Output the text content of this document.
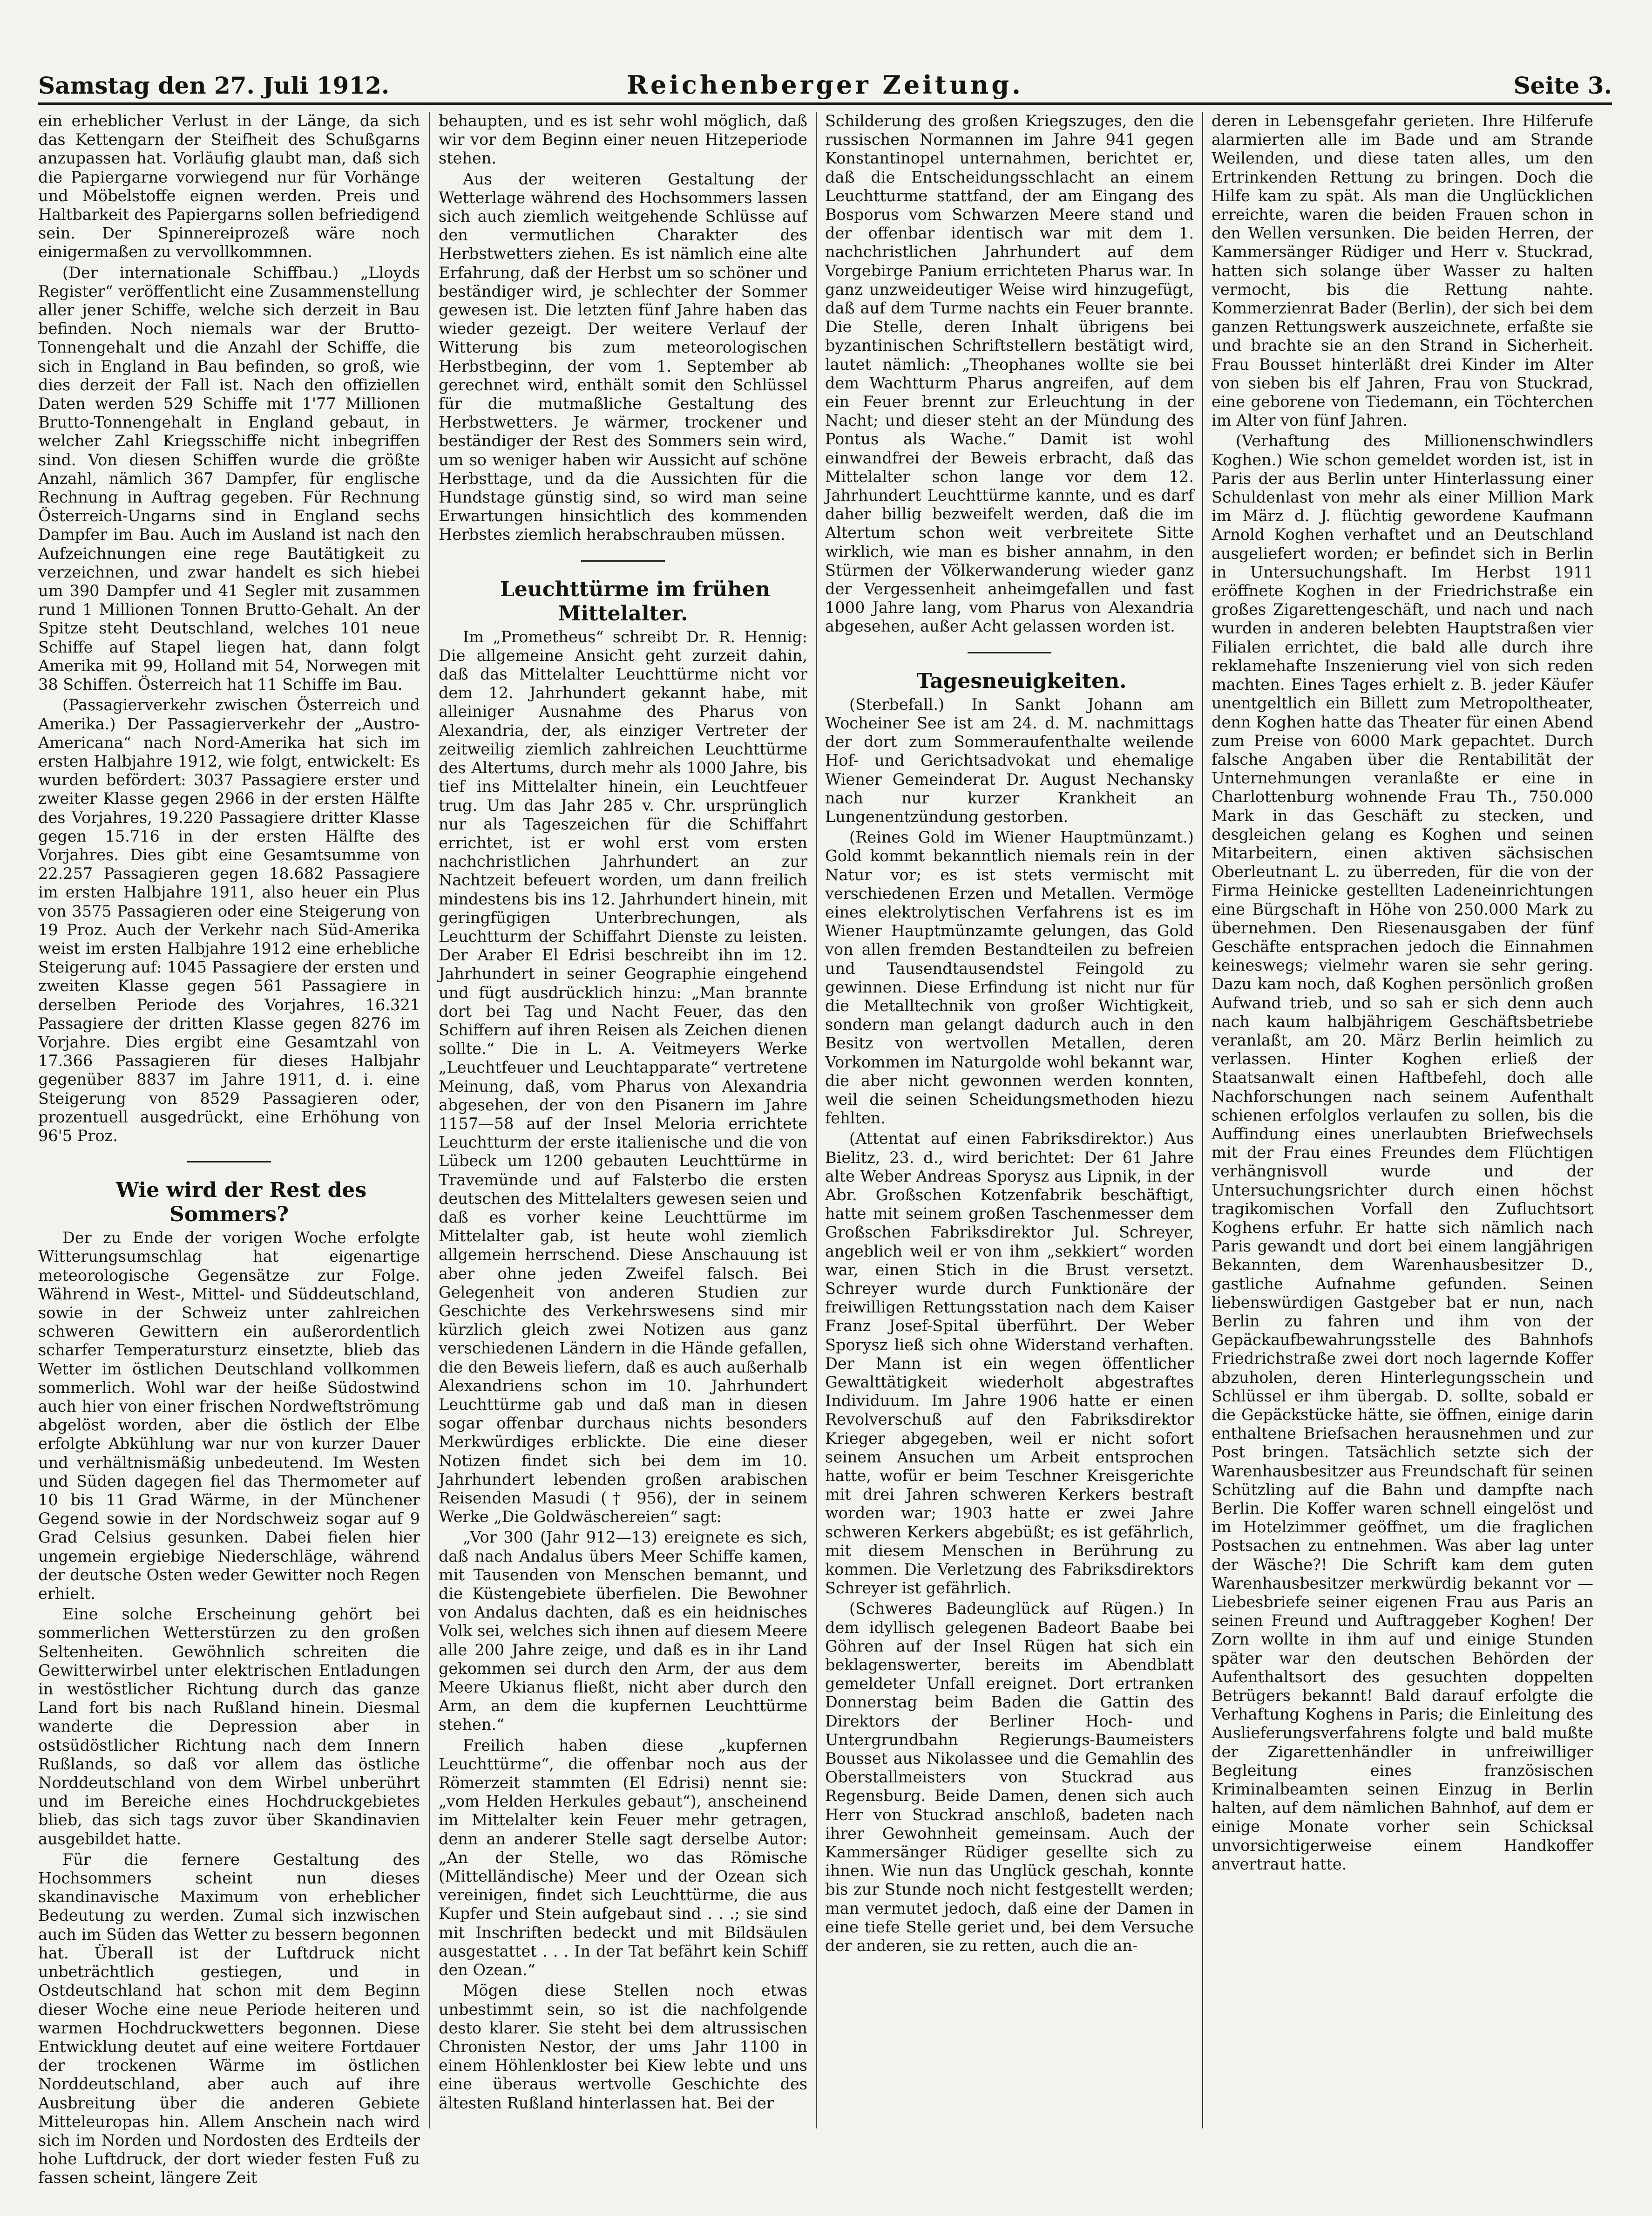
Samstag den 27. Juli 1912.	Reichenberger Zeitung.	Seite 3.

ein erheblicher Verlust in der Länge, da sich das Kettengarn der Steifheit des Schußgarns anzupassen hat. Vorläufig glaubt man, daß sich die Papiergarne vorwiegend nur für Vorhänge und Möbelstoffe eignen werden. Preis und Haltbarkeit des Papiergarns sollen befriedigend sein. Der Spinnereiprozeß wäre noch einigermaßen zu vervollkommnen.

(Der internationale Schiffbau.) „Lloyds Register“ veröffentlicht eine Zusammenstellung aller jener Schiffe, welche sich derzeit in Bau befinden. Noch niemals war der Brutto-Tonnengehalt und die Anzahl der Schiffe, die sich in England in Bau befinden, so groß, wie dies derzeit der Fall ist. Nach den offiziellen Daten werden 529 Schiffe mit 1'77 Millionen Brutto-Tonnengehalt in England gebaut, in welcher Zahl Kriegsschiffe nicht inbegriffen sind. Von diesen Schiffen wurde die größte Anzahl, nämlich 367 Dampfer, für englische Rechnung in Auftrag gegeben. Für Rechnung Österreich-Ungarns sind in England sechs Dampfer im Bau. Auch im Ausland ist nach den Aufzeichnungen eine rege Bautätigkeit zu verzeichnen, und zwar handelt es sich hiebei um 390 Dampfer und 41 Segler mit zusammen rund 1 Millionen Tonnen Brutto-Gehalt. An der Spitze steht Deutschland, welches 101 neue Schiffe auf Stapel liegen hat, dann folgt Amerika mit 99, Holland mit 54, Norwegen mit 38 Schiffen. Österreich hat 11 Schiffe im Bau.

(Passagierverkehr zwischen Österreich und Amerika.) Der Passagierverkehr der „Austro-Americana“ nach Nord-Amerika hat sich im ersten Halbjahre 1912, wie folgt, entwickelt: Es wurden befördert: 3037 Passagiere erster und zweiter Klasse gegen 2966 in der ersten Hälfte des Vorjahres, 19.220 Passagiere dritter Klasse gegen 15.716 in der ersten Hälfte des Vorjahres. Dies gibt eine Gesamtsumme von 22.257 Passagieren gegen 18.682 Passagiere im ersten Halbjahre 1911, also heuer ein Plus von 3575 Passagieren oder eine Steigerung von 19 Proz. Auch der Verkehr nach Süd-Amerika weist im ersten Halbjahre 1912 eine erhebliche Steigerung auf: 1045 Passagiere der ersten und zweiten Klasse gegen 561 Passagiere in derselben Periode des Vorjahres, 16.321 Passagiere der dritten Klasse gegen 8276 im Vorjahre. Dies ergibt eine Gesamtzahl von 17.366 Passagieren für dieses Halbjahr gegenüber 8837 im Jahre 1911, d. i. eine Steigerung von 8529 Passagieren oder, prozentuell ausgedrückt, eine Erhöhung von 96'5 Proz.

Wie wird der Rest des Sommers?

Der zu Ende der vorigen Woche erfolgte Witterungsumschlag hat eigenartige meteorologische Gegensätze zur Folge. Während in West-, Mittel- und Süddeutschland, sowie in der Schweiz unter zahlreichen schweren Gewittern ein außerordentlich scharfer Temperatursturz einsetzte, blieb das Wetter im östlichen Deutschland vollkommen sommerlich. Wohl war der heiße Südostwind auch hier von einer frischen Nordweftströmung abgelöst worden, aber die östlich der Elbe erfolgte Abkühlung war nur von kurzer Dauer und verhältnismäßig unbedeutend. Im Westen und Süden dagegen fiel das Thermometer auf 10 bis 11 Grad Wärme, in der Münchener Gegend sowie in der Nordschweiz sogar auf 9 Grad Celsius gesunken. Dabei fielen hier ungemein ergiebige Niederschläge, während der deutsche Osten weder Gewitter noch Regen erhielt.

Eine solche Erscheinung gehört bei sommerlichen Wetterstürzen zu den großen Seltenheiten. Gewöhnlich schreiten die Gewitterwirbel unter elektrischen Entladungen in westöstlicher Richtung durch das ganze Land fort bis nach Rußland hinein. Diesmal wanderte die Depression aber in ostsüdöstlicher Richtung nach dem Innern Rußlands, so daß vor allem das östliche Norddeutschland von dem Wirbel unberührt und im Bereiche eines Hochdruckgebietes blieb, das sich tags zuvor über Skandinavien ausgebildet hatte.

Für die fernere Gestaltung des Hochsommers scheint nun dieses skandinavische Maximum von erheblicher Bedeutung zu werden. Zumal sich inzwischen auch im Süden das Wetter zu bessern begonnen hat. Überall ist der Luftdruck nicht unbeträchtlich gestiegen, und in Ostdeutschland hat schon mit dem Beginn dieser Woche eine neue Periode heiteren und warmen Hochdruckwetters begonnen. Diese Entwicklung deutet auf eine weitere Fortdauer der trockenen Wärme im östlichen Norddeutschland, aber auch auf ihre Ausbreitung über die anderen Gebiete Mitteleuropas hin. Allem Anschein nach wird sich im Norden und Nordosten des Erdteils der hohe Luftdruck, der dort wieder festen Fuß zu fassen scheint, längere Zeit

behaupten, und es ist sehr wohl möglich, daß wir vor dem Beginn einer neuen Hitzeperiode stehen.

Aus der weiteren Gestaltung der Wetterlage während des Hochsommers lassen sich auch ziemlich weitgehende Schlüsse auf den vermutlichen Charakter des Herbstwetters ziehen. Es ist nämlich eine alte Erfahrung, daß der Herbst um so schöner und beständiger wird, je schlechter der Sommer gewesen ist. Die letzten fünf Jahre haben das wieder gezeigt. Der weitere Verlauf der Witterung bis zum meteorologischen Herbstbeginn, der vom 1. September ab gerechnet wird, enthält somit den Schlüssel für die mutmaßliche Gestaltung des Herbstwetters. Je wärmer, trockener und beständiger der Rest des Sommers sein wird, um so weniger haben wir Aussicht auf schöne Herbsttage, und da die Aussichten für die Hundstage günstig sind, so wird man seine Erwartungen hinsichtlich des kommenden Herbstes ziemlich herabschrauben müssen.

Leuchttürme im frühen Mittelalter.

Im „Prometheus“ schreibt Dr. R. Hennig: Die allgemeine Ansicht geht zurzeit dahin, daß das Mittelalter Leuchttürme nicht vor dem 12. Jahrhundert gekannt habe, mit alleiniger Ausnahme des Pharus von Alexandria, der, als einziger Vertreter der zeitweilig ziemlich zahlreichen Leuchttürme des Altertums, durch mehr als 1000 Jahre, bis tief ins Mittelalter hinein, ein Leuchtfeuer trug. Um das Jahr 285 v. Chr. ursprünglich nur als Tageszeichen für die Schiffahrt errichtet, ist er wohl erst vom ersten nachchristlichen Jahrhundert an zur Nachtzeit befeuert worden, um dann freilich mindestens bis ins 12. Jahrhundert hinein, mit geringfügigen Unterbrechungen, als Leuchtturm der Schiffahrt Dienste zu leisten. Der Araber El Edrisi beschreibt ihn im 12. Jahrhundert in seiner Geographie eingehend und fügt ausdrücklich hinzu: „Man brannte dort bei Tag und Nacht Feuer, das den Schiffern auf ihren Reisen als Zeichen dienen sollte.“ Die in L. A. Veitmeyers Werke „Leuchtfeuer und Leuchtapparate“ vertretene Meinung, daß, vom Pharus von Alexandria abgesehen, der von den Pisanern im Jahre 1157—58 auf der Insel Meloria errichtete Leuchtturm der erste italienische und die von Lübeck um 1200 gebauten Leuchttürme in Travemünde und auf Falsterbo die ersten deutschen des Mittelalters gewesen seien und daß es vorher keine Leuchttürme im Mittelalter gab, ist heute wohl ziemlich allgemein herrschend. Diese Anschauung ist aber ohne jeden Zweifel falsch. Bei Gelegenheit von anderen Studien zur Geschichte des Verkehrswesens sind mir kürzlich gleich zwei Notizen aus ganz verschiedenen Ländern in die Hände gefallen, die den Beweis liefern, daß es auch außerhalb Alexandriens schon im 10. Jahrhundert Leuchttürme gab und daß man in diesen sogar offenbar durchaus nichts besonders Merkwürdiges erblickte. Die eine dieser Notizen findet sich bei dem im 10. Jahrhundert lebenden großen arabischen Reisenden Masudi († 956), der in seinem Werke „Die Goldwäschereien“ sagt:

„Vor 300 (Jahr 912—13) ereignete es sich, daß nach Andalus übers Meer Schiffe kamen, mit Tausenden von Menschen bemannt, und die Küstengebiete überfielen. Die Bewohner von Andalus dachten, daß es ein heidnisches Volk sei, welches sich ihnen auf diesem Meere alle 200 Jahre zeige, und daß es in ihr Land gekommen sei durch den Arm, der aus dem Meere Ukianus fließt, nicht aber durch den Arm, an dem die kupfernen Leuchttürme stehen.“

Freilich haben diese „kupfernen Leuchttürme“, die offenbar noch aus der Römerzeit stammten (El Edrisi) nennt sie: „vom Helden Herkules gebaut“), anscheinend im Mittelalter kein Feuer mehr getragen, denn an anderer Stelle sagt derselbe Autor: „An der Stelle, wo das Römische (Mittelländische) Meer und der Ozean sich vereinigen, findet sich Leuchttürme, die aus Kupfer und Stein aufgebaut sind . . .; sie sind mit Inschriften bedeckt und mit Bildsäulen ausgestattet . . . In der Tat befährt kein Schiff den Ozean.“

Mögen diese Stellen noch etwas unbestimmt sein, so ist die nachfolgende desto klarer. Sie steht bei dem altrussischen Chronisten Nestor, der ums Jahr 1100 in einem Höhlenkloster bei Kiew lebte und uns eine überaus wertvolle Geschichte des ältesten Rußland hinterlassen hat. Bei der

Schilderung des großen Kriegszuges, den die russischen Normannen im Jahre 941 gegen Konstantinopel unternahmen, berichtet er, daß die Entscheidungsschlacht an einem Leuchtturme stattfand, der am Eingang des Bosporus vom Schwarzen Meere stand und der offenbar identisch war mit dem 1. nachchristlichen Jahrhundert auf dem Vorgebirge Panium errichteten Pharus war. In ganz unzweideutiger Weise wird hinzugefügt, daß auf dem Turme nachts ein Feuer brannte. Die Stelle, deren Inhalt übrigens bei byzantinischen Schriftstellern bestätigt wird, lautet nämlich: „Theophanes wollte sie bei dem Wachtturm Pharus angreifen, auf dem ein Feuer brennt zur Erleuchtung in der Nacht; und dieser steht an der Mündung des Pontus als Wache.“ Damit ist wohl einwandfrei der Beweis erbracht, daß das Mittelalter schon lange vor dem 12. Jahrhundert Leuchttürme kannte, und es darf daher billig bezweifelt werden, daß die im Altertum schon weit verbreitete Sitte wirklich, wie man es bisher annahm, in den Stürmen der Völkerwanderung wieder ganz der Vergessenheit anheimgefallen und fast 1000 Jahre lang, vom Pharus von Alexandria abgesehen, außer Acht gelassen worden ist.

Tagesneuigkeiten.

(Sterbefall.) In Sankt Johann am Wocheiner See ist am 24. d. M. nachmittags der dort zum Sommeraufenthalte weilende Hof- und Gerichtsadvokat und ehemalige Wiener Gemeinderat Dr. August Nechansky nach nur kurzer Krankheit an Lungenentzündung gestorben.

(Reines Gold im Wiener Hauptmünzamt.) Gold kommt bekanntlich niemals rein in der Natur vor; es ist stets vermischt mit verschiedenen Erzen und Metallen. Vermöge eines elektrolytischen Verfahrens ist es im Wiener Hauptmünzamte gelungen, das Gold von allen fremden Bestandteilen zu befreien und Tausendtausendstel Feingold zu gewinnen. Diese Erfindung ist nicht nur für die Metalltechnik von großer Wichtigkeit, sondern man gelangt dadurch auch in den Besitz von wertvollen Metallen, deren Vorkommen im Naturgolde wohl bekannt war, die aber nicht gewonnen werden konnten, weil die seinen Scheidungsmethoden hiezu fehlten.

(Attentat auf einen Fabriksdirektor.) Aus Bielitz, 23. d., wird berichtet: Der 61 Jahre alte Weber Andreas Sporysz aus Lipnik, in der Abr. Großschen Kotzenfabrik beschäftigt, hatte mit seinem großen Taschenmesser dem Großschen Fabriksdirektor Jul. Schreyer, angeblich weil er von ihm „sekkiert“ worden war, einen Stich in die Brust versetzt. Schreyer wurde durch Funktionäre der freiwilligen Rettungsstation nach dem Kaiser Franz Josef-Spital überführt. Der Weber Sporysz ließ sich ohne Widerstand verhaften. Der Mann ist ein wegen öffentlicher Gewalttätigkeit wiederholt abgestraftes Individuum. Im Jahre 1906 hatte er einen Revolverschuß auf den Fabriksdirektor Krieger abgegeben, weil er nicht sofort seinem Ansuchen um Arbeit entsprochen hatte, wofür er beim Teschner Kreisgerichte mit drei Jahren schweren Kerkers bestraft worden war; 1903 hatte er zwei Jahre schweren Kerkers abgebüßt; es ist gefährlich, mit diesem Menschen in Berührung zu kommen. Die Verletzung des Fabriksdirektors Schreyer ist gefährlich.

(Schweres Badeunglück auf Rügen.) In dem idyllisch gelegenen Badeort Baabe bei Göhren auf der Insel Rügen hat sich ein beklagenswerter, bereits im Abendblatt gemeldeter Unfall ereignet. Dort ertranken Donnerstag beim Baden die Gattin des Direktors der Berliner Hoch- und Untergrundbahn Regierungs-Baumeisters Bousset aus Nikolassee und die Gemahlin des Oberstallmeisters von Stuckrad aus Regensburg. Beide Damen, denen sich auch Herr von Stuckrad anschloß, badeten nach ihrer Gewohnheit gemeinsam. Auch der Kammersänger Rüdiger gesellte sich zu ihnen. Wie nun das Unglück geschah, konnte bis zur Stunde noch nicht festgestellt werden; man vermutet jedoch, daß eine der Damen in eine tiefe Stelle geriet und, bei dem Versuche der anderen, sie zu retten, auch die an-

deren in Lebensgefahr gerieten. Ihre Hilferufe alarmierten alle im Bade und am Strande Weilenden, und diese taten alles, um den Ertrinkenden Rettung zu bringen. Doch die Hilfe kam zu spät. Als man die Unglücklichen erreichte, waren die beiden Frauen schon in den Wellen versunken. Die beiden Herren, der Kammersänger Rüdiger und Herr v. Stuckrad, hatten sich solange über Wasser zu halten vermocht, bis die Rettung nahte. Kommerzienrat Bader (Berlin), der sich bei dem ganzen Rettungswerk auszeichnete, erfaßte sie und brachte sie an den Strand in Sicherheit. Frau Bousset hinterläßt drei Kinder im Alter von sieben bis elf Jahren, Frau von Stuckrad, eine geborene von Tiedemann, ein Töchterchen im Alter von fünf Jahren.

(Verhaftung des Millionenschwindlers Koghen.) Wie schon gemeldet worden ist, ist in Paris der aus Berlin unter Hinterlassung einer Schuldenlast von mehr als einer Million Mark im März d. J. flüchtig gewordene Kaufmann Arnold Koghen verhaftet und an Deutschland ausgeliefert worden; er befindet sich in Berlin in Untersuchungshaft. Im Herbst 1911 eröffnete Koghen in der Friedrichstraße ein großes Zigarettengeschäft, und nach und nach wurden in anderen belebten Hauptstraßen vier Filialen errichtet, die bald alle durch ihre reklamehafte Inszenierung viel von sich reden machten. Eines Tages erhielt z. B. jeder Käufer unentgeltlich ein Billett zum Metropoltheater, denn Koghen hatte das Theater für einen Abend zum Preise von 6000 Mark gepachtet. Durch falsche Angaben über die Rentabilität der Unternehmungen veranlaßte er eine in Charlottenburg wohnende Frau Th., 750.000 Mark in das Geschäft zu stecken, und desgleichen gelang es Koghen und seinen Mitarbeitern, einen aktiven sächsischen Oberleutnant L. zu überreden, für die von der Firma Heinicke gestellten Ladeneinrichtungen eine Bürgschaft in Höhe von 250.000 Mark zu übernehmen. Den Riesenausgaben der fünf Geschäfte entsprachen jedoch die Einnahmen keineswegs; vielmehr waren sie sehr gering. Dazu kam noch, daß Koghen persönlich großen Aufwand trieb, und so sah er sich denn auch nach kaum halbjährigem Geschäftsbetriebe veranlaßt, am 20. März Berlin heimlich zu verlassen. Hinter Koghen erließ der Staatsanwalt einen Haftbefehl, doch alle Nachforschungen nach seinem Aufenthalt schienen erfolglos verlaufen zu sollen, bis die Auffindung eines unerlaubten Briefwechsels mit der Frau eines Freundes dem Flüchtigen verhängnisvoll wurde und der Untersuchungsrichter durch einen höchst tragikomischen Vorfall den Zufluchtsort Koghens erfuhr. Er hatte sich nämlich nach Paris gewandt und dort bei einem langjährigen Bekannten, dem Warenhausbesitzer D., gastliche Aufnahme gefunden. Seinen liebenswürdigen Gastgeber bat er nun, nach Berlin zu fahren und ihm von der Gepäckaufbewahrungsstelle des Bahnhofs Friedrichstraße zwei dort noch lagernde Koffer abzuholen, deren Hinterlegungsschein und Schlüssel er ihm übergab. D. sollte, sobald er die Gepäckstücke hätte, sie öffnen, einige darin enthaltene Briefsachen herausnehmen und zur Post bringen. Tatsächlich setzte sich der Warenhausbesitzer aus Freundschaft für seinen Schützling auf die Bahn und dampfte nach Berlin. Die Koffer waren schnell eingelöst und im Hotelzimmer geöffnet, um die fraglichen Postsachen zu entnehmen. Was aber lag unter der Wäsche?! Die Schrift kam dem guten Warenhausbesitzer merkwürdig bekannt vor — Liebesbriefe seiner eigenen Frau aus Paris an seinen Freund und Auftraggeber Koghen! Der Zorn wollte in ihm auf und einige Stunden später war den deutschen Behörden der Aufenthaltsort des gesuchten doppelten Betrügers bekannt! Bald darauf erfolgte die Verhaftung Koghens in Paris; die Einleitung des Auslieferungsverfahrens folgte und bald mußte der Zigarettenhändler in unfreiwilliger Begleitung eines französischen Kriminalbeamten seinen Einzug in Berlin halten, auf dem nämlichen Bahnhof, auf dem er einige Monate vorher sein Schicksal unvorsichtigerweise einem Handkoffer anvertraut hatte.
